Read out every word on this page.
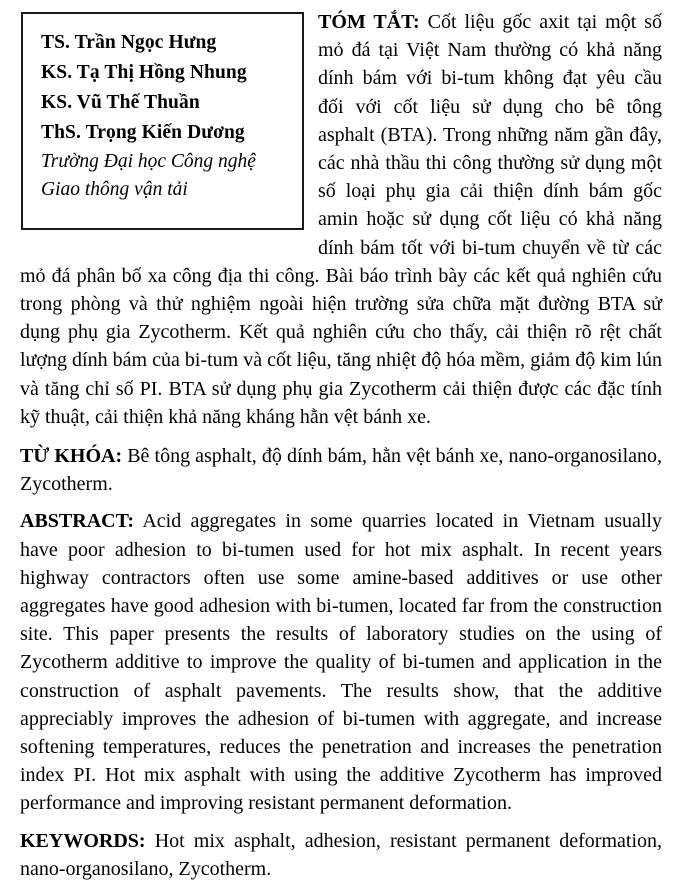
TS. Trần Ngọc Hưng
KS. Tạ Thị Hồng Nhung
KS. Vũ Thế Thuần
ThS. Trọng Kiến Dương
Trường Đại học Công nghệ
Giao thông vận tải

TÓM TẮT: Cốt liệu gốc axit tại một số mỏ đá tại Việt Nam thường có khả năng dính bám với bi-tum không đạt yêu cầu đối với cốt liệu sử dụng cho bê tông asphalt (BTA). Trong những năm gần đây, các nhà thầu thi công thường sử dụng một số loại phụ gia cải thiện dính bám gốc amin hoặc sử dụng cốt liệu có khả năng dính bám tốt với bi-tum chuyển về từ các mỏ đá phân bố xa công địa thi công. Bài báo trình bày các kết quả nghiên cứu trong phòng và thử nghiệm ngoài hiện trường sửa chữa mặt đường BTA sử dụng phụ gia Zycotherm. Kết quả nghiên cứu cho thấy, cải thiện rõ rệt chất lượng dính bám của bi-tum và cốt liệu, tăng nhiệt độ hóa mềm, giảm độ kim lún và tăng chỉ số PI. BTA sử dụng phụ gia Zycotherm cải thiện được các đặc tính kỹ thuật, cải thiện khả năng kháng hằn vệt bánh xe.

TỪ KHÓA: Bê tông asphalt, độ dính bám, hằn vệt bánh xe, nano-organosilano, Zycotherm.

ABSTRACT: Acid aggregates in some quarries located in Vietnam usually have poor adhesion to bi-tumen used for hot mix asphalt. In recent years highway contractors often use some amine-based additives or use other aggregates have good adhesion with bi-tumen, located far from the construction site. This paper presents the results of laboratory studies on the using of Zycotherm additive to improve the quality of bi-tumen and application in the construction of asphalt pavements. The results show, that the additive appreciably improves the adhesion of bi-tumen with aggregate, and increase softening temperatures, reduces the penetration and increases the penetration index PI. Hot mix asphalt with using the additive Zycotherm has improved performance and improving resistant permanent deformation.

KEYWORDS: Hot mix asphalt, adhesion, resistant permanent deformation, nano-organosilano, Zycotherm.
